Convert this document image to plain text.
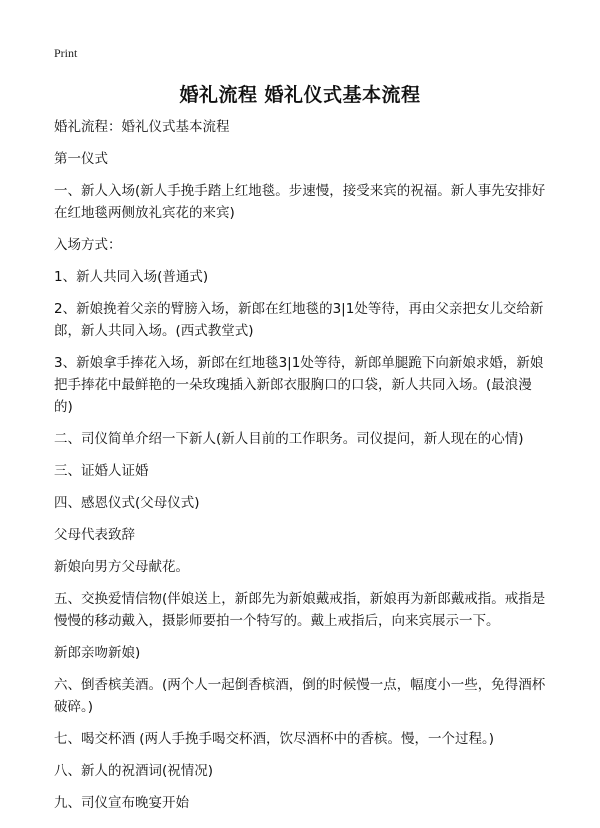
Print
婚礼流程 婚礼仪式基本流程

婚礼流程：婚礼仪式基本流程

第一仪式

一、新人入场(新人手挽手踏上红地毯。步速慢，接受来宾的祝福。新人事先安排好在红地毯两侧放礼宾花的来宾)

入场方式：

1、新人共同入场(普通式)

2、新娘挽着父亲的臂膀入场，新郎在红地毯的3|1处等待，再由父亲把女儿交给新郎，新人共同入场。(西式教堂式)

3、新娘拿手捧花入场，新郎在红地毯3|1处等待，新郎单腿跪下向新娘求婚，新娘把手捧花中最鲜艳的一朵玫瑰插入新郎衣服胸口的口袋，新人共同入场。(最浪漫的)

二、司仪简单介绍一下新人(新人目前的工作职务。司仪提问，新人现在的心情)

三、证婚人证婚

四、感恩仪式(父母仪式)

父母代表致辞

新娘向男方父母献花。

五、交换爱情信物(伴娘送上，新郎先为新娘戴戒指，新娘再为新郎戴戒指。戒指是慢慢的移动戴入，摄影师要拍一个特写的。戴上戒指后，向来宾展示一下。

新郎亲吻新娘)

六、倒香槟美酒。(两个人一起倒香槟酒，倒的时候慢一点，幅度小一些，免得酒杯破碎。)

七、喝交杯酒 (两人手挽手喝交杯酒，饮尽酒杯中的香槟。慢，一个过程。)

八、新人的祝酒词(祝情况)

九、司仪宣布晚宴开始
